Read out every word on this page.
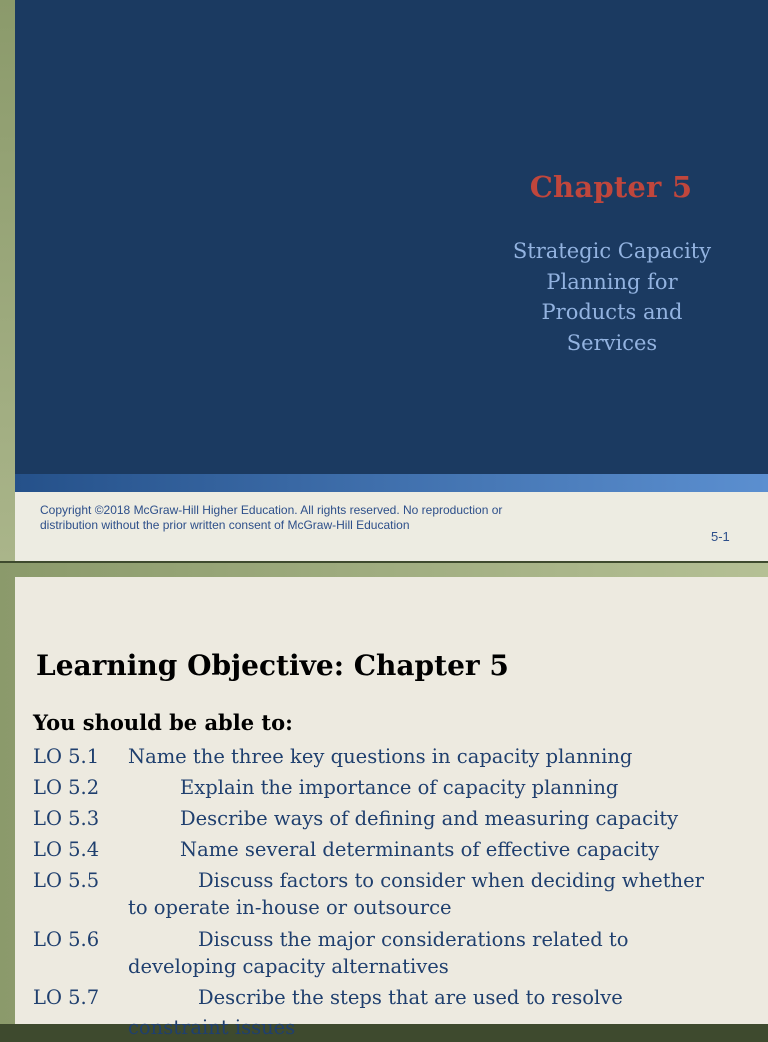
Chapter 5
Strategic Capacity
Planning for
Products and
Services
Copyright ©2018 McGraw-Hill Higher Education. All rights reserved. No reproduction or
distribution without the prior written consent of McGraw-Hill Education
5-1
Learning Objective: Chapter 5
You should be able to:
LO 5.1 Name the three key questions in capacity planning
LO 5.2	Explain the importance of capacity planning
LO 5.3	Describe ways of defining and measuring capacity
LO 5.4	Name several determinants of effective capacity
LO 5.5	Discuss factors to consider when deciding whether
to operate in-house or outsource
LO 5.6	Discuss the major considerations related to
developing capacity alternatives
LO 5.7	Describe the steps that are used to resolve
constraint issues
